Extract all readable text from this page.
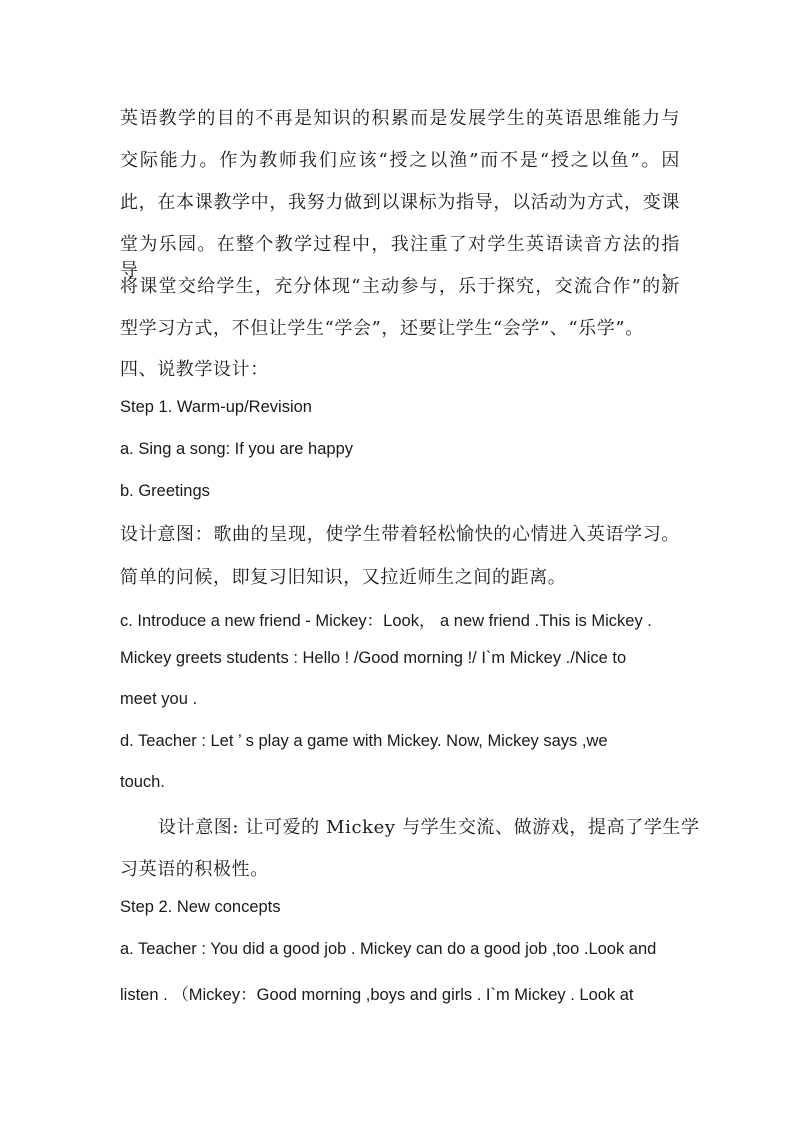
英语教学的目的不再是知识的积累而是发展学生的英语思维能力与
交际能力。作为教师我们应该“授之以渔”而不是“授之以鱼”。因
此，在本课教学中，我努力做到以课标为指导，以活动为方式，变课
堂为乐园。在整个教学过程中，我注重了对学生英语读音方法的指导，
将课堂交给学生，充分体现“主动参与，乐于探究，交流合作”的新
型学习方式，不但让学生“学会”，还要让学生“会学”、“乐学”。
四、说教学设计：
Step 1. Warm-up/Revision
a. Sing a song: If you are happy
b. Greetings
设计意图：歌曲的呈现，使学生带着轻松愉快的心情进入英语学习。
简单的问候，即复习旧知识，又拉近师生之间的距离。
c. Introduce a new friend - Mickey：Look， a new friend .This is Mickey .
Mickey greets students : Hello ! /Good morning !/ I`m Mickey ./Nice to
meet you .
d. Teacher : Let ’ s play a game with Mickey. Now, Mickey says ,we
touch.
设计意图: 让可爱的 Mickey 与学生交流、做游戏，提高了学生学
习英语的积极性。
Step 2. New concepts
a. Teacher : You did a good job . Mickey can do a good job ,too .Look and
listen . （Mickey：Good morning ,boys and girls . I`m Mickey . Look at
